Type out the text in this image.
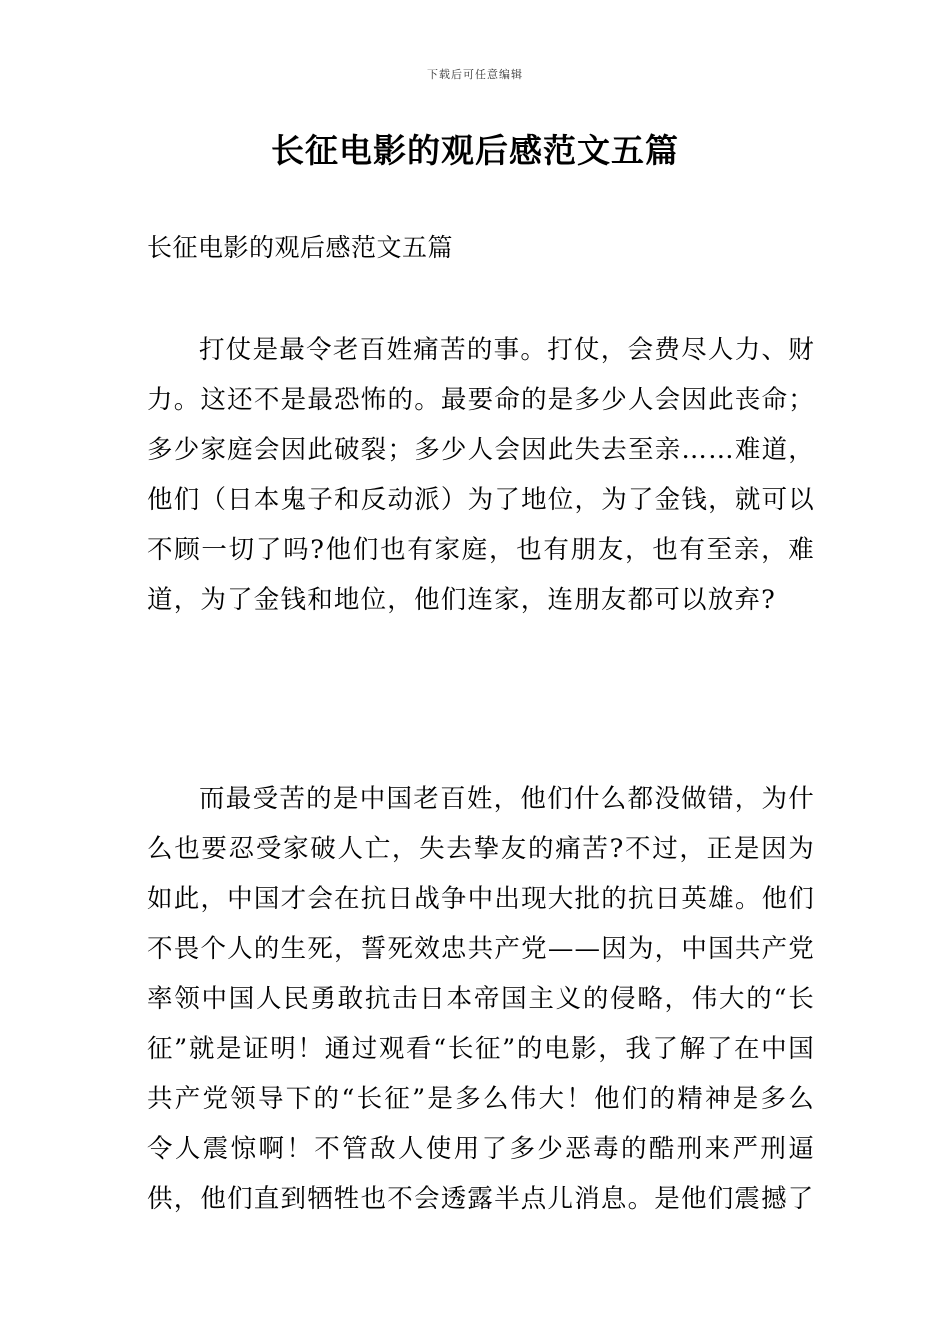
下载后可任意编辑
长征电影的观后感范文五篇
长征电影的观后感范文五篇

打仗是最令老百姓痛苦的事。打仗，会费尽人力、财力。这还不是最恐怖的。最要命的是多少人会因此丧命；多少家庭会因此破裂；多少人会因此失去至亲……难道，他们（日本鬼子和反动派）为了地位，为了金钱，就可以不顾一切了吗?他们也有家庭，也有朋友，也有至亲，难道，为了金钱和地位，他们连家，连朋友都可以放弃?

而最受苦的是中国老百姓，他们什么都没做错，为什么也要忍受家破人亡，失去挚友的痛苦?不过，正是因为如此，中国才会在抗日战争中出现大批的抗日英雄。他们不畏个人的生死，誓死效忠共产党——因为，中国共产党率领中国人民勇敢抗击日本帝国主义的侵略，伟大的“长征”就是证明！通过观看“长征”的电影，我了解了在中国共产党领导下的“长征”是多么伟大！他们的精神是多么令人震惊啊！不管敌人使用了多少恶毒的酷刑来严刑逼供，他们直到牺牲也不会透露半点儿消息。是他们震撼了
